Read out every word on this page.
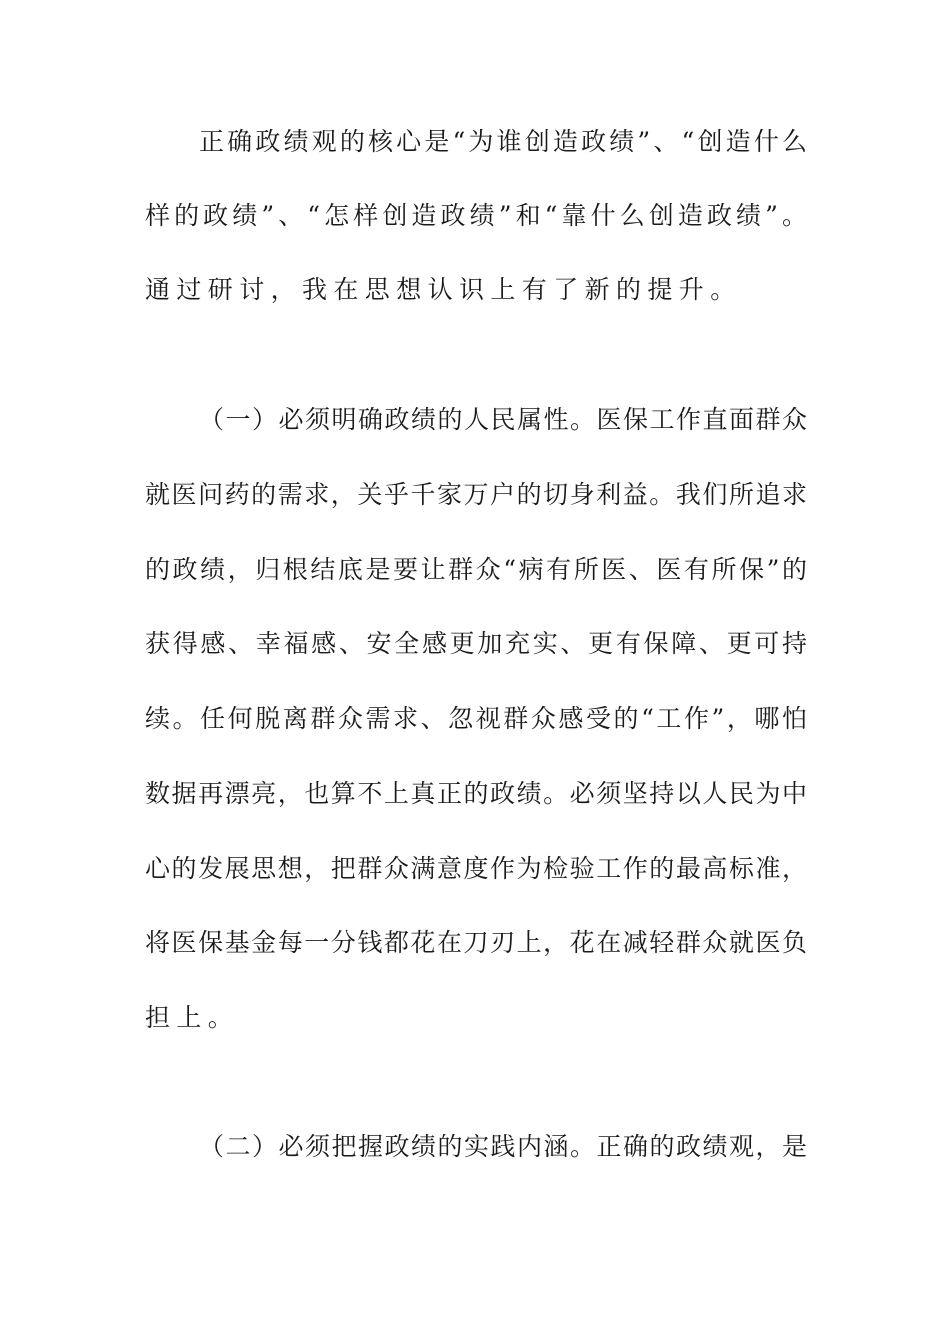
正确政绩观的核心是“为谁创造政绩”、“创造什么
样的政绩”、“怎样创造政绩”和“靠什么创造政绩”。
通过研讨，我在思想认识上有了新的提升。
（一）必须明确政绩的人民属性。医保工作直面群众
就医问药的需求，关乎千家万户的切身利益。我们所追求
的政绩，归根结底是要让群众“病有所医、医有所保”的
获得感、幸福感、安全感更加充实、更有保障、更可持
续。任何脱离群众需求、忽视群众感受的“工作”，哪怕
数据再漂亮，也算不上真正的政绩。必须坚持以人民为中
心的发展思想，把群众满意度作为检验工作的最高标准，
将医保基金每一分钱都花在刀刃上，花在减轻群众就医负
担上。
（二）必须把握政绩的实践内涵。正确的政绩观，是
